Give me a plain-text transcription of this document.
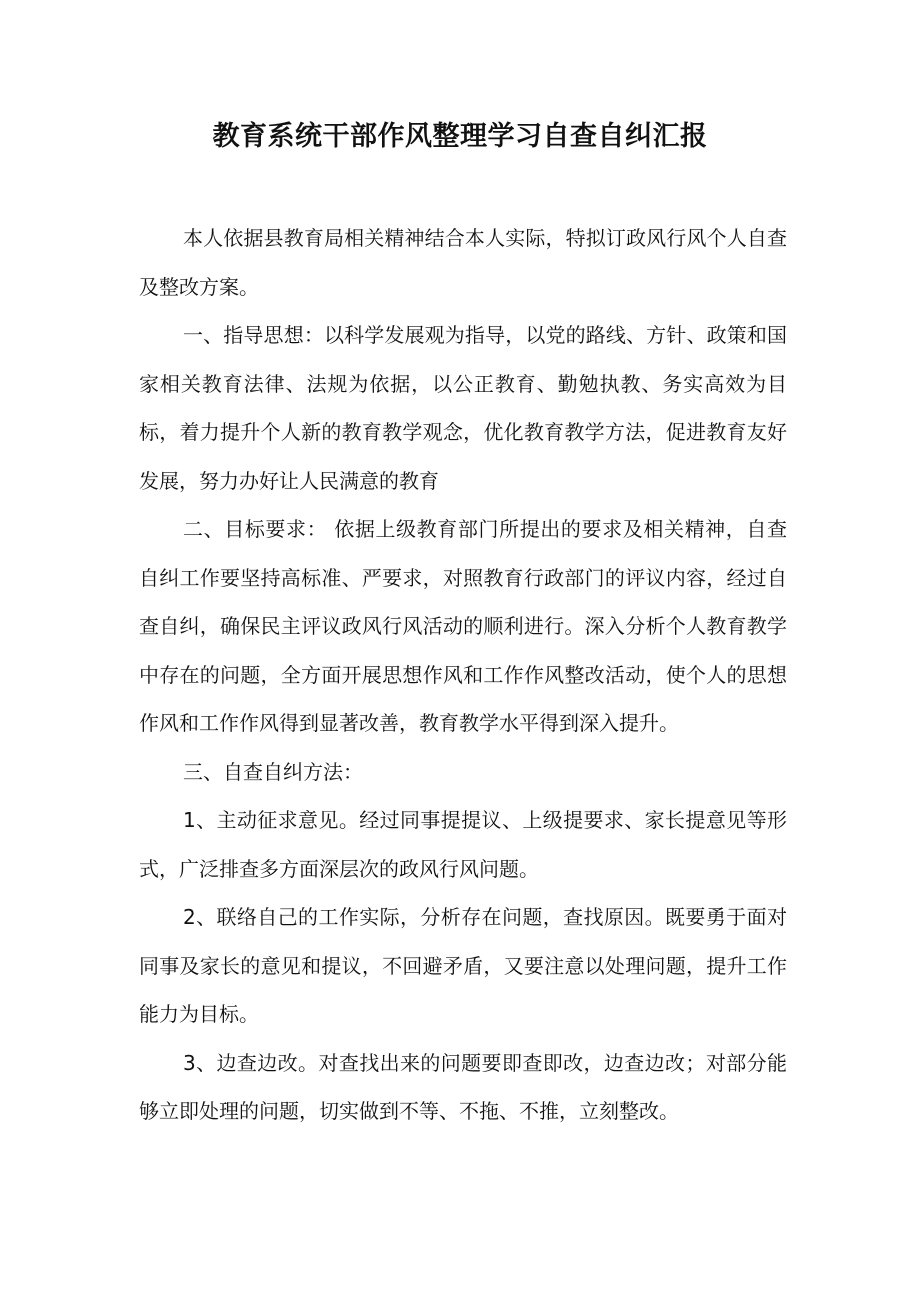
教育系统干部作风整理学习自查自纠汇报

本人依据县教育局相关精神结合本人实际，特拟订政风行风个人自查及整改方案。

一、指导思想：以科学发展观为指导，以党的路线、方针、政策和国家相关教育法律、法规为依据，以公正教育、勤勉执教、务实高效为目标，着力提升个人新的教育教学观念，优化教育教学方法，促进教育友好发展，努力办好让人民满意的教育

二、目标要求： 依据上级教育部门所提出的要求及相关精神，自查自纠工作要坚持高标准、严要求，对照教育行政部门的评议内容，经过自查自纠，确保民主评议政风行风活动的顺利进行。深入分析个人教育教学中存在的问题，全方面开展思想作风和工作作风整改活动，使个人的思想作风和工作作风得到显著改善，教育教学水平得到深入提升。

三、自查自纠方法：

1、主动征求意见。经过同事提提议、上级提要求、家长提意见等形式，广泛排查多方面深层次的政风行风问题。

2、联络自己的工作实际，分析存在问题，查找原因。既要勇于面对同事及家长的意见和提议，不回避矛盾，又要注意以处理问题，提升工作能力为目标。

3、边查边改。对查找出来的问题要即查即改，边查边改；对部分能够立即处理的问题，切实做到不等、不拖、不推，立刻整改。
